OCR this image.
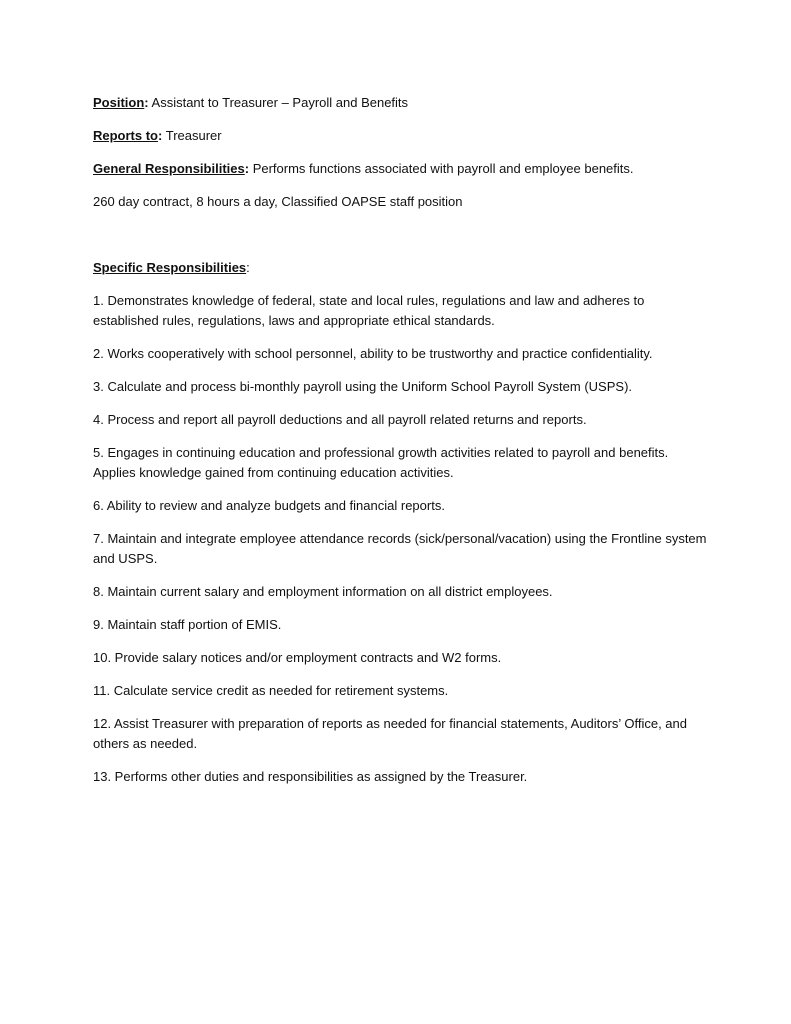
Position: Assistant to Treasurer – Payroll and Benefits

Reports to: Treasurer

General Responsibilities: Performs functions associated with payroll and employee benefits.

260 day contract, 8 hours a day, Classified OAPSE staff position

Specific Responsibilities:

1. Demonstrates knowledge of federal, state and local rules, regulations and law and adheres to established rules, regulations, laws and appropriate ethical standards.

2. Works cooperatively with school personnel, ability to be trustworthy and practice confidentiality.

3. Calculate and process bi-monthly payroll using the Uniform School Payroll System (USPS).

4. Process and report all payroll deductions and all payroll related returns and reports.

5. Engages in continuing education and professional growth activities related to payroll and benefits. Applies knowledge gained from continuing education activities.

6. Ability to review and analyze budgets and financial reports.

7. Maintain and integrate employee attendance records (sick/personal/vacation) using the Frontline system and USPS.

8. Maintain current salary and employment information on all district employees.

9. Maintain staff portion of EMIS.

10. Provide salary notices and/or employment contracts and W2 forms.

11. Calculate service credit as needed for retirement systems.

12. Assist Treasurer with preparation of reports as needed for financial statements, Auditors’ Office, and others as needed.

13. Performs other duties and responsibilities as assigned by the Treasurer.
